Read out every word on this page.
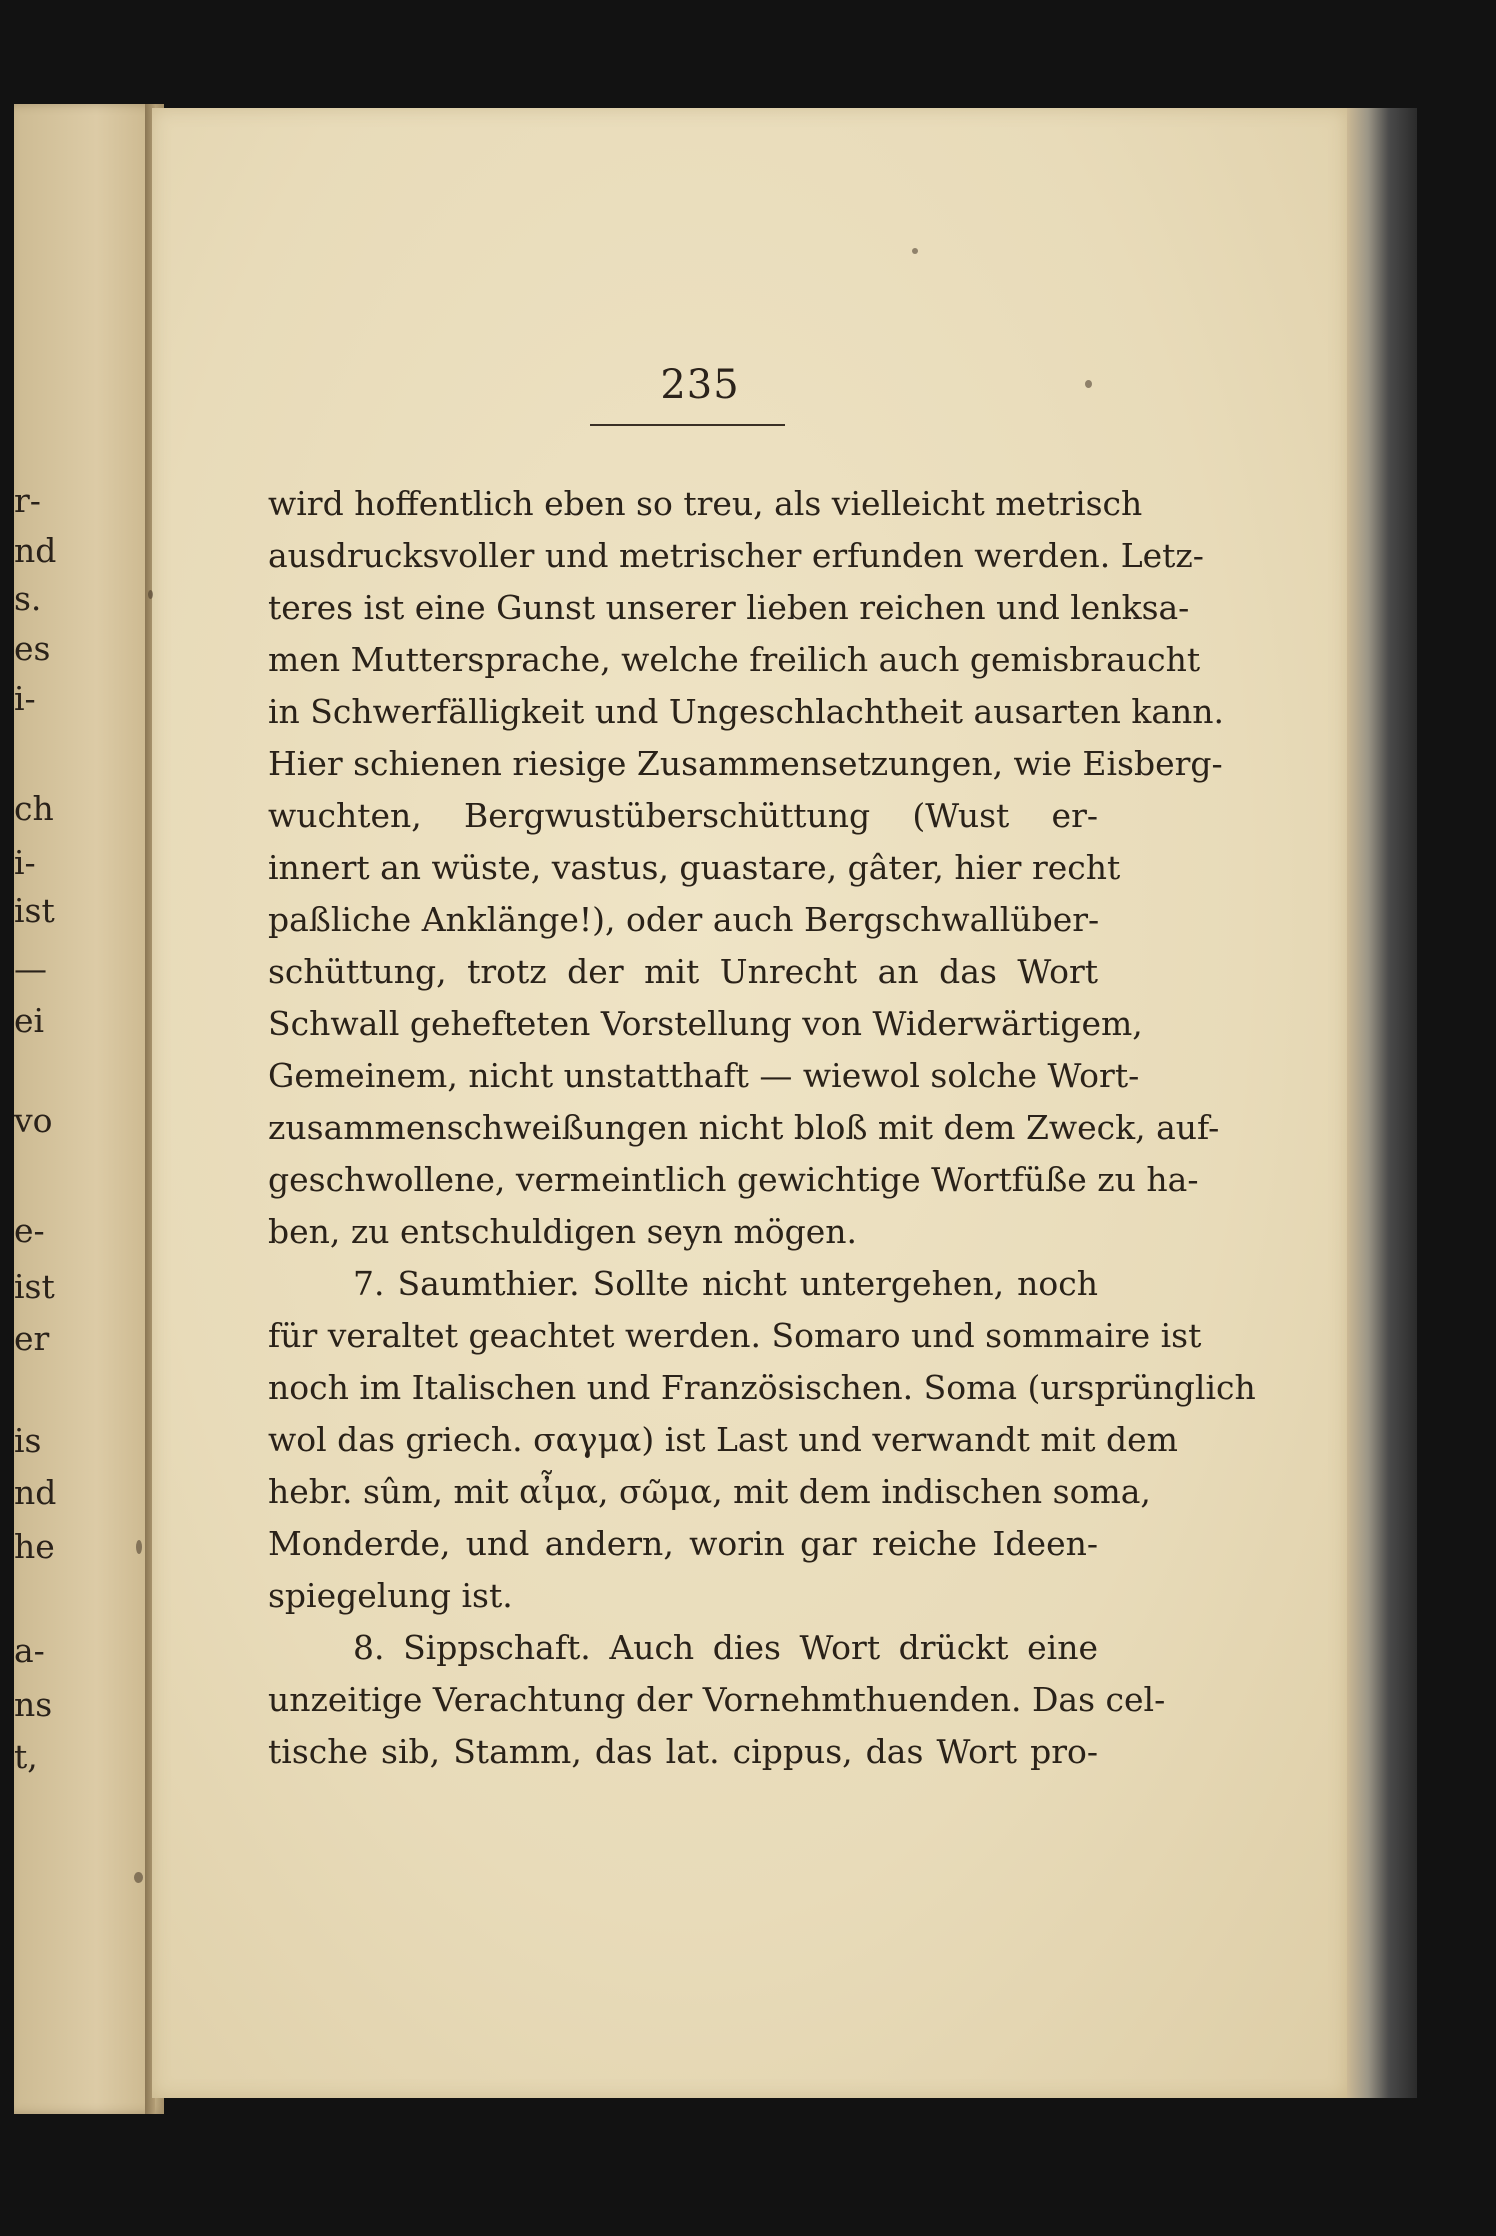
r-
nd
s.
es
i-
ch
i-
ist
—
ei
vo
e-
ist
er
is
nd
he
a-
ns
t,
235
wird hoffentlich eben so treu, als vielleicht metrisch
ausdrucksvoller und metrischer erfunden werden. Letz-
teres ist eine Gunst unserer lieben reichen und lenksa-
men Muttersprache, welche freilich auch gemisbraucht
in Schwerfälligkeit und Ungeschlachtheit ausarten kann.
Hier schienen riesige Zusammensetzungen, wie Eisberg-
wuchten, Bergwustüberschüttung (Wust er-
innert an wüste, vastus, guastare, gâter, hier recht
paßliche Anklänge!), oder auch Bergschwallüber-
schüttung, trotz der mit Unrecht an das Wort
Schwall gehefteten Vorstellung von Widerwärtigem,
Gemeinem, nicht unstatthaft — wiewol solche Wort-
zusammenschweißungen nicht bloß mit dem Zweck, auf-
geschwollene, vermeintlich gewichtige Wortfüße zu ha-
ben, zu entschuldigen seyn mögen.
7. Saumthier. Sollte nicht untergehen, noch
für veraltet geachtet werden. Somaro und sommaire ist
noch im Italischen und Französischen. Soma (ursprünglich
wol das griech. σαγμα) ist Last und verwandt mit dem
hebr. sûm, mit αἶμα, σῶμα, mit dem indischen soma,
Monderde, und andern, worin gar reiche Ideen-
spiegelung ist.
8. Sippschaft. Auch dies Wort drückt eine
unzeitige Verachtung der Vornehmthuenden. Das cel-
tische sib, Stamm, das lat. cippus, das Wort pro-
